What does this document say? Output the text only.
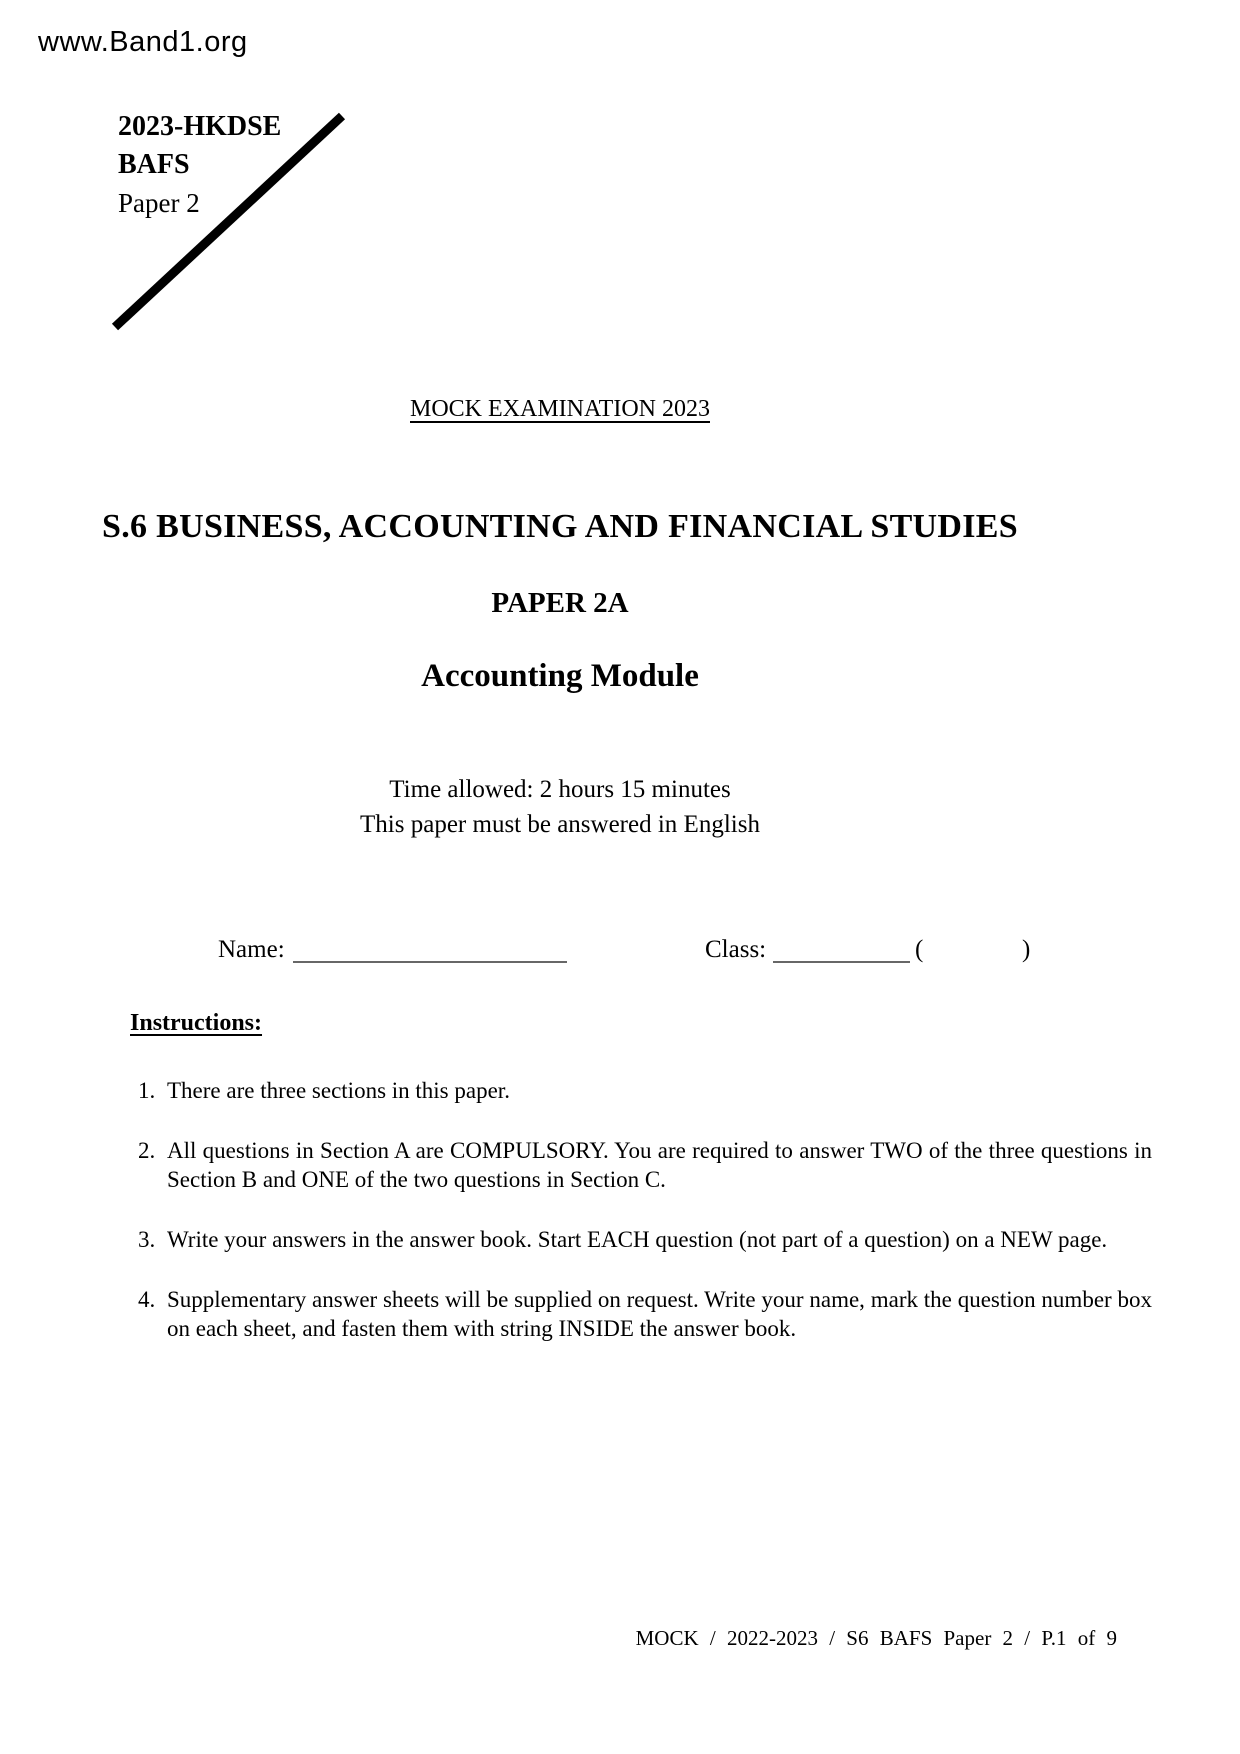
www.Band1.org
2023-HKDSE
BAFS
Paper 2
MOCK EXAMINATION 2023
S.6 BUSINESS, ACCOUNTING AND FINANCIAL STUDIES
PAPER 2A
Accounting Module
Time allowed: 2 hours 15 minutes
This paper must be answered in English
Name:	Class:	(	)
Instructions:
1. There are three sections in this paper.
2. All questions in Section A are COMPULSORY. You are required to answer TWO of the three questions in Section B and ONE of the two questions in Section C.
3. Write your answers in the answer book. Start EACH question (not part of a question) on a NEW page.
4. Supplementary answer sheets will be supplied on request. Write your name, mark the question number box on each sheet, and fasten them with string INSIDE the answer book.
MOCK / 2022-2023 / S6 BAFS Paper 2 / P.1 of 9
